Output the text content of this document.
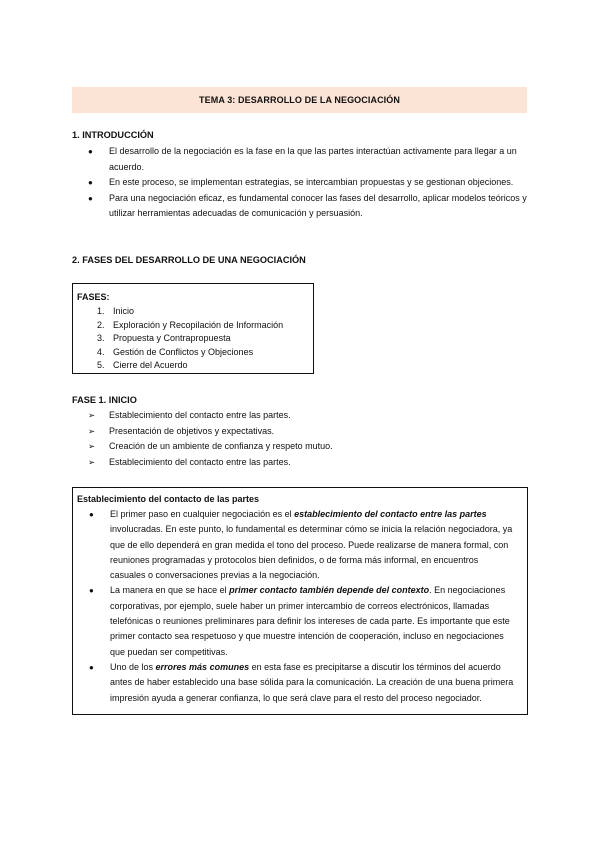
TEMA 3: DESARROLLO DE LA NEGOCIACIÓN
1. INTRODUCCIÓN
●	El desarrollo de la negociación es la fase en la que las partes interactúan activamente para llegar a un acuerdo.
●	En este proceso, se implementan estrategias, se intercambian propuestas y se gestionan objeciones.
●	Para una negociación eficaz, es fundamental conocer las fases del desarrollo, aplicar modelos teóricos y utilizar herramientas adecuadas de comunicación y persuasión.
2. FASES DEL DESARROLLO DE UNA NEGOCIACIÓN
FASES:
1. Inicio
2. Exploración y Recopilación de Información
3. Propuesta y Contrapropuesta
4. Gestión de Conflictos y Objeciones
5. Cierre del Acuerdo
FASE 1. INICIO
➢	Establecimiento del contacto entre las partes.
➢	Presentación de objetivos y expectativas.
➢	Creación de un ambiente de confianza y respeto mutuo.
➢	Establecimiento del contacto entre las partes.
Establecimiento del contacto de las partes
●	El primer paso en cualquier negociación es el establecimiento del contacto entre las partes involucradas. En este punto, lo fundamental es determinar cómo se inicia la relación negociadora, ya que de ello dependerá en gran medida el tono del proceso. Puede realizarse de manera formal, con reuniones programadas y protocolos bien definidos, o de forma más informal, en encuentros casuales o conversaciones previas a la negociación.
●	La manera en que se hace el primer contacto también depende del contexto. En negociaciones corporativas, por ejemplo, suele haber un primer intercambio de correos electrónicos, llamadas telefónicas o reuniones preliminares para definir los intereses de cada parte. Es importante que este primer contacto sea respetuoso y que muestre intención de cooperación, incluso en negociaciones que puedan ser competitivas.
●	Uno de los errores más comunes en esta fase es precipitarse a discutir los términos del acuerdo antes de haber establecido una base sólida para la comunicación. La creación de una buena primera impresión ayuda a generar confianza, lo que será clave para el resto del proceso negociador.
